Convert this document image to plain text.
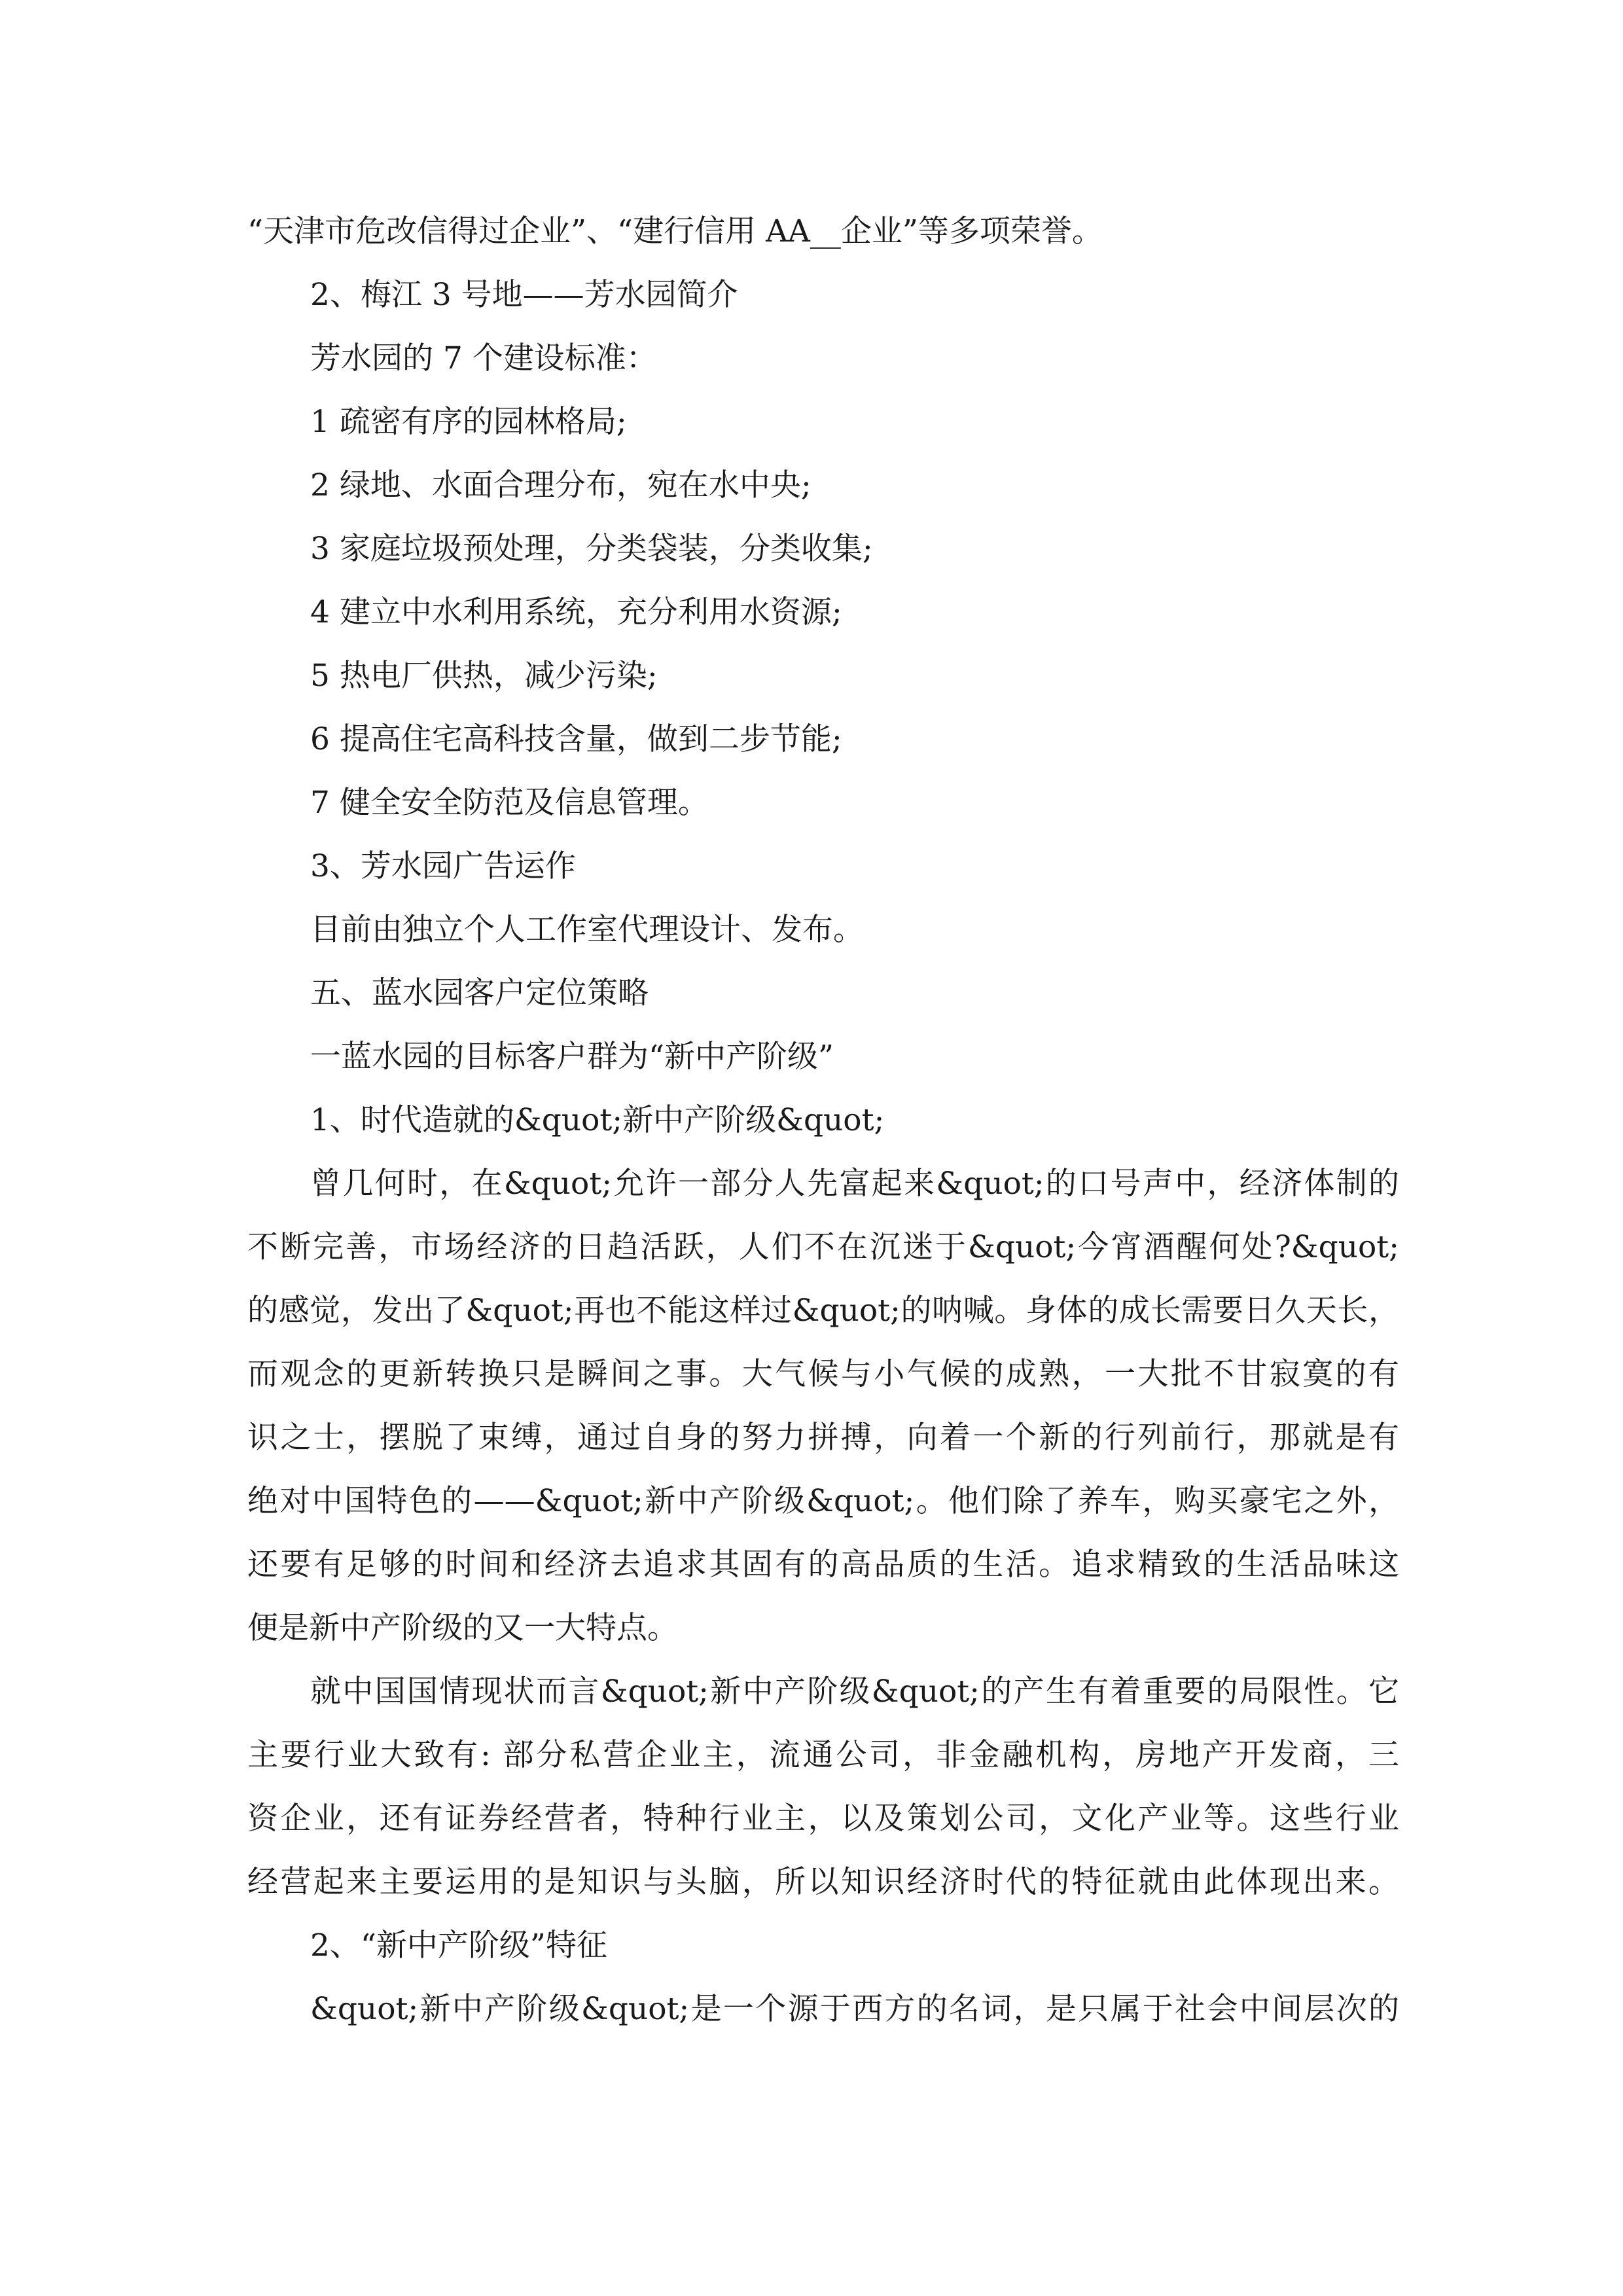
“天津市危改信得过企业”、“建行信用 AA__企业”等多项荣誉。
2、梅江 3 号地——芳水园简介
芳水园的 7 个建设标准：
1 疏密有序的园林格局;
2 绿地、水面合理分布，宛在水中央;
3 家庭垃圾预处理，分类袋装，分类收集;
4 建立中水利用系统，充分利用水资源;
5 热电厂供热，减少污染;
6 提高住宅高科技含量，做到二步节能;
7 健全安全防范及信息管理。
3、芳水园广告运作
目前由独立个人工作室代理设计、发布。
五、蓝水园客户定位策略
一蓝水园的目标客户群为“新中产阶级”
1、时代造就的&quot;新中产阶级&quot;
曾几何时，在&quot;允许一部分人先富起来&quot;的口号声中，经济体制的
不断完善，市场经济的日趋活跃，人们不在沉迷于&quot;今宵酒醒何处?&quot;
的感觉，发出了&quot;再也不能这样过&quot;的呐喊。身体的成长需要日久天长，
而观念的更新转换只是瞬间之事。大气候与小气候的成熟，一大批不甘寂寞的有
识之士，摆脱了束缚，通过自身的努力拼搏，向着一个新的行列前行，那就是有
绝对中国特色的——&quot;新中产阶级&quot;。他们除了养车，购买豪宅之外，
还要有足够的时间和经济去追求其固有的高品质的生活。追求精致的生活品味这
便是新中产阶级的又一大特点。
就中国国情现状而言&quot;新中产阶级&quot;的产生有着重要的局限性。它
主要行业大致有: 部分私营企业主，流通公司，非金融机构，房地产开发商，三
资企业，还有证券经营者，特种行业主，以及策划公司，文化产业等。这些行业
经营起来主要运用的是知识与头脑，所以知识经济时代的特征就由此体现出来。
2、“新中产阶级”特征
&quot;新中产阶级&quot;是一个源于西方的名词，是只属于社会中间层次的
